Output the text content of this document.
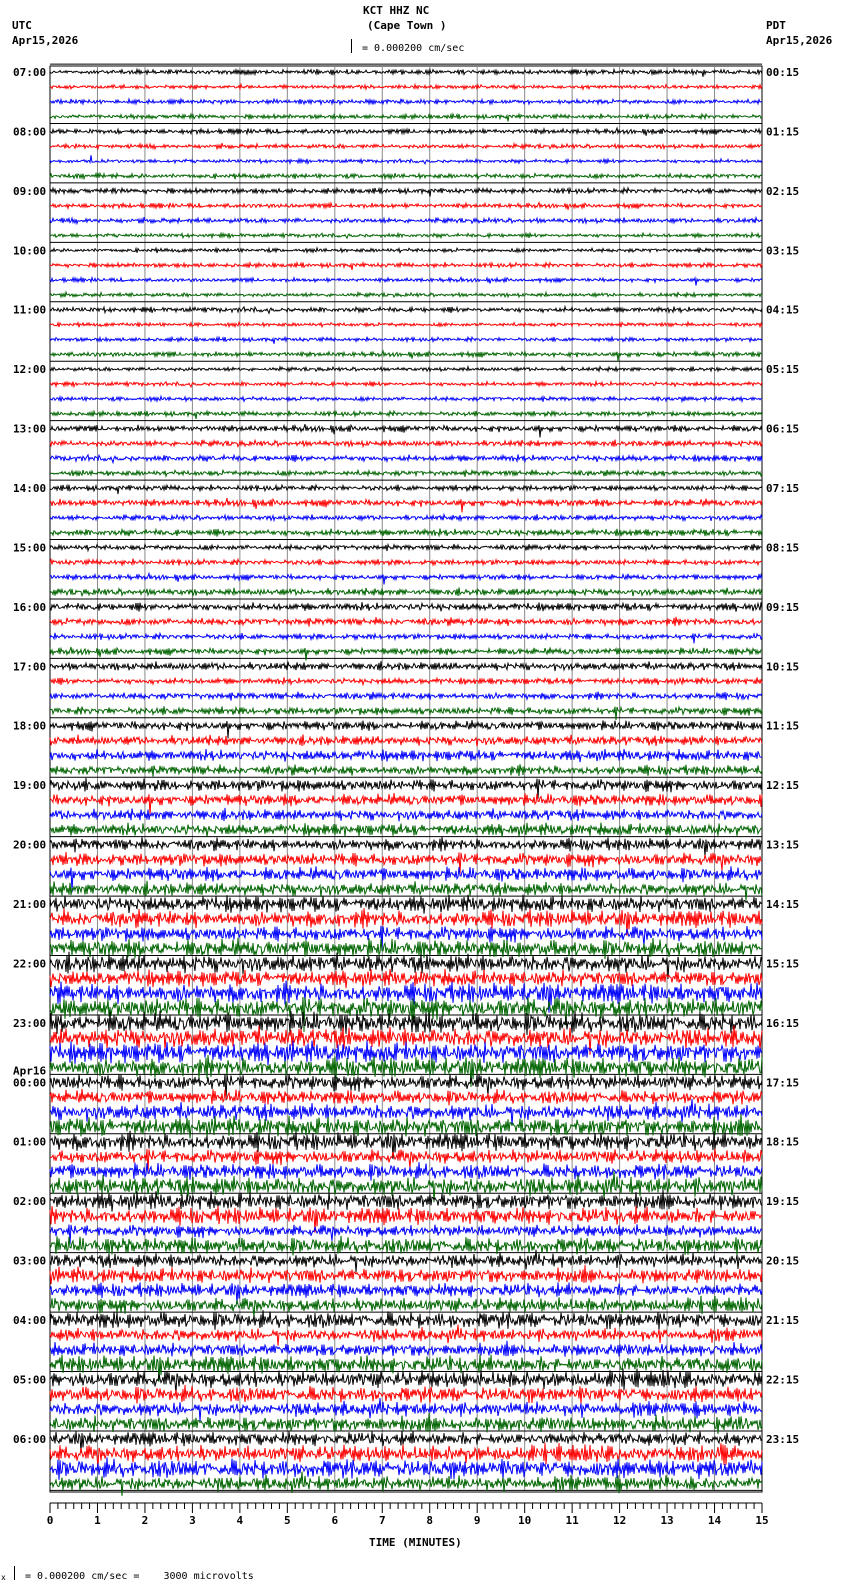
KCT HHZ NC
(Cape Town )
UTC
Apr15,2026
PDT
Apr15,2026
= 0.000200 cm/sec
07:00
08:00
09:00
10:00
11:00
12:00
13:00
14:00
15:00
16:00
17:00
18:00
19:00
20:00
21:00
22:00
23:00
00:00
Apr16
01:00
02:00
03:00
04:00
05:00
06:00
00:15
01:15
02:15
03:15
04:15
05:15
06:15
07:15
08:15
09:15
10:15
11:15
12:15
13:15
14:15
15:15
16:15
17:15
18:15
19:15
20:15
21:15
22:15
23:15
0	1	2	3	4	5	6	7	8	9	10	11	12	13	14	15
TIME (MINUTES)
x = 0.000200 cm/sec =    3000 microvolts
